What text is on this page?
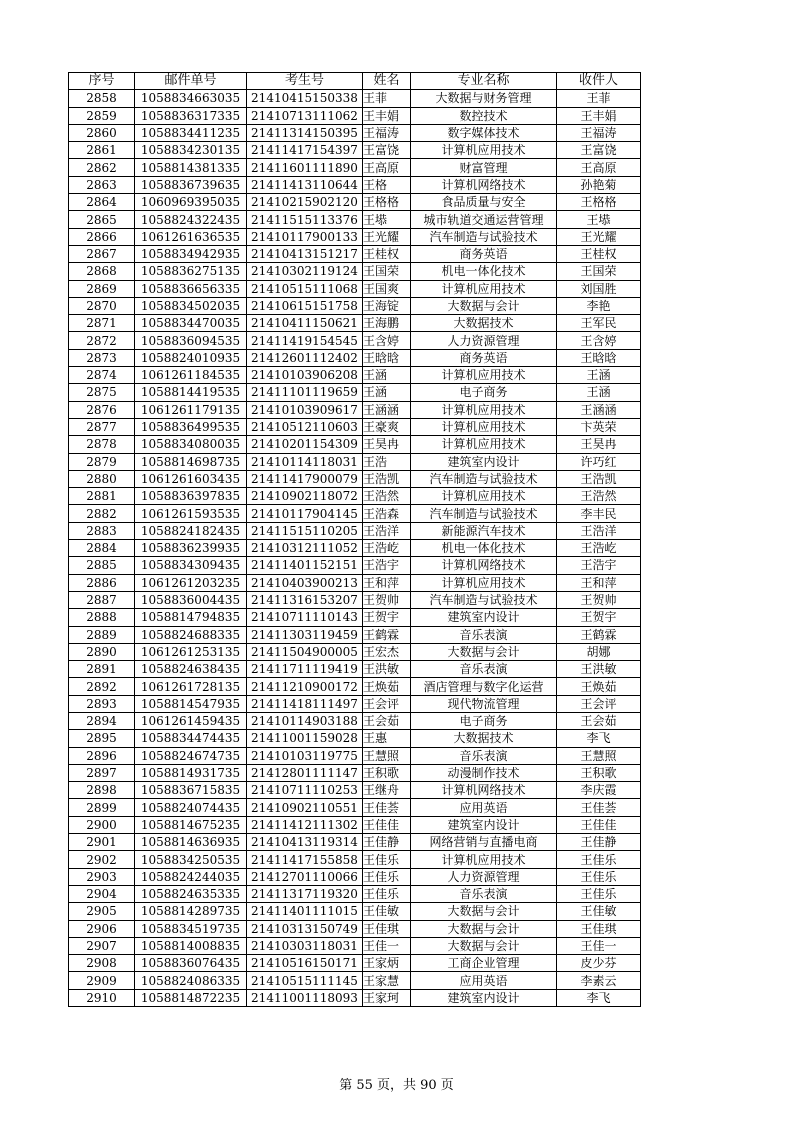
序号	邮件单号	考生号	姓名	专业名称	收件人
2858	1058834663035	21410415150338	王菲	大数据与财务管理	王菲
2859	1058836317335	21410713111062	王丰娟	数控技术	王丰娟
2860	1058834411235	21411314150395	王福涛	数字媒体技术	王福涛
2861	1058834230135	21411417154397	王富饶	计算机应用技术	王富饶
2862	1058814381335	21411601111890	王高原	财富管理	王高原
2863	1058836739635	21411413110644	王格	计算机网络技术	孙艳菊
2864	1060969395035	21410215902120	王格格	食品质量与安全	王格格
2865	1058824322435	21411515113376	王塨	城市轨道交通运营管理	王塨
2866	1061261636535	21410117900133	王光耀	汽车制造与试验技术	王光耀
2867	1058834942935	21410413151217	王桂权	商务英语	王桂权
2868	1058836275135	21410302119124	王国荣	机电一体化技术	王国荣
2869	1058836656335	21410515111068	王国爽	计算机应用技术	刘国胜
2870	1058834502035	21410615151758	王海锭	大数据与会计	李艳
2871	1058834470035	21410411150621	王海鹏	大数据技术	王军民
2872	1058836094535	21411419154545	王含婷	人力资源管理	王含婷
2873	1058824010935	21412601112402	王晗晗	商务英语	王晗晗
2874	1061261184535	21410103906208	王涵	计算机应用技术	王涵
2875	1058814419535	21411101119659	王涵	电子商务	王涵
2876	1061261179135	21410103909617	王涵涵	计算机应用技术	王涵涵
2877	1058836499535	21410512110603	王豪爽	计算机应用技术	卞英荣
2878	1058834080035	21410201154309	王昊冉	计算机应用技术	王昊冉
2879	1058814698735	21410114118031	王浩	建筑室内设计	许巧红
2880	1061261603435	21411417900079	王浩凯	汽车制造与试验技术	王浩凯
2881	1058836397835	21410902118072	王浩然	计算机应用技术	王浩然
2882	1061261593535	21410117904145	王浩森	汽车制造与试验技术	李丰民
2883	1058824182435	21411515110205	王浩洋	新能源汽车技术	王浩洋
2884	1058836239935	21410312111052	王浩屹	机电一体化技术	王浩屹
2885	1058834309435	21411401152151	王浩宇	计算机网络技术	王浩宇
2886	1061261203235	21410403900213	王和萍	计算机应用技术	王和萍
2887	1058836004435	21411316153207	王贺帅	汽车制造与试验技术	王贺帅
2888	1058814794835	21410711110143	王贺宇	建筑室内设计	王贺宇
2889	1058824688335	21411303119459	王鹤霖	音乐表演	王鹤霖
2890	1061261253135	21411504900005	王宏杰	大数据与会计	胡娜
2891	1058824638435	21411711119419	王洪敏	音乐表演	王洪敏
2892	1061261728135	21411210900172	王焕茹	酒店管理与数字化运营	王焕茹
2893	1058814547935	21411418111497	王会评	现代物流管理	王会评
2894	1061261459435	21410114903188	王会茹	电子商务	王会茹
2895	1058834474435	21411001159028	王惠	大数据技术	李飞
2896	1058824674735	21410103119775	王慧照	音乐表演	王慧照
2897	1058814931735	21412801111147	王积歌	动漫制作技术	王积歌
2898	1058836715835	21410711110253	王继舟	计算机网络技术	李庆霞
2899	1058824074435	21410902110551	王佳荟	应用英语	王佳荟
2900	1058814675235	21411412111302	王佳佳	建筑室内设计	王佳佳
2901	1058814636935	21410413119314	王佳静	网络营销与直播电商	王佳静
2902	1058834250535	21411417155858	王佳乐	计算机应用技术	王佳乐
2903	1058824244035	21412701110066	王佳乐	人力资源管理	王佳乐
2904	1058824635335	21411317119320	王佳乐	音乐表演	王佳乐
2905	1058814289735	21411401111015	王佳敏	大数据与会计	王佳敏
2906	1058834519735	21410313150749	王佳琪	大数据与会计	王佳琪
2907	1058814008835	21410303118031	王佳一	大数据与会计	王佳一
2908	1058836076435	21410516150171	王家炳	工商企业管理	皮少芬
2909	1058824086335	21410515111145	王家慧	应用英语	李素云
2910	1058814872235	21411001118093	王家珂	建筑室内设计	李飞
第 55 页，共 90 页
